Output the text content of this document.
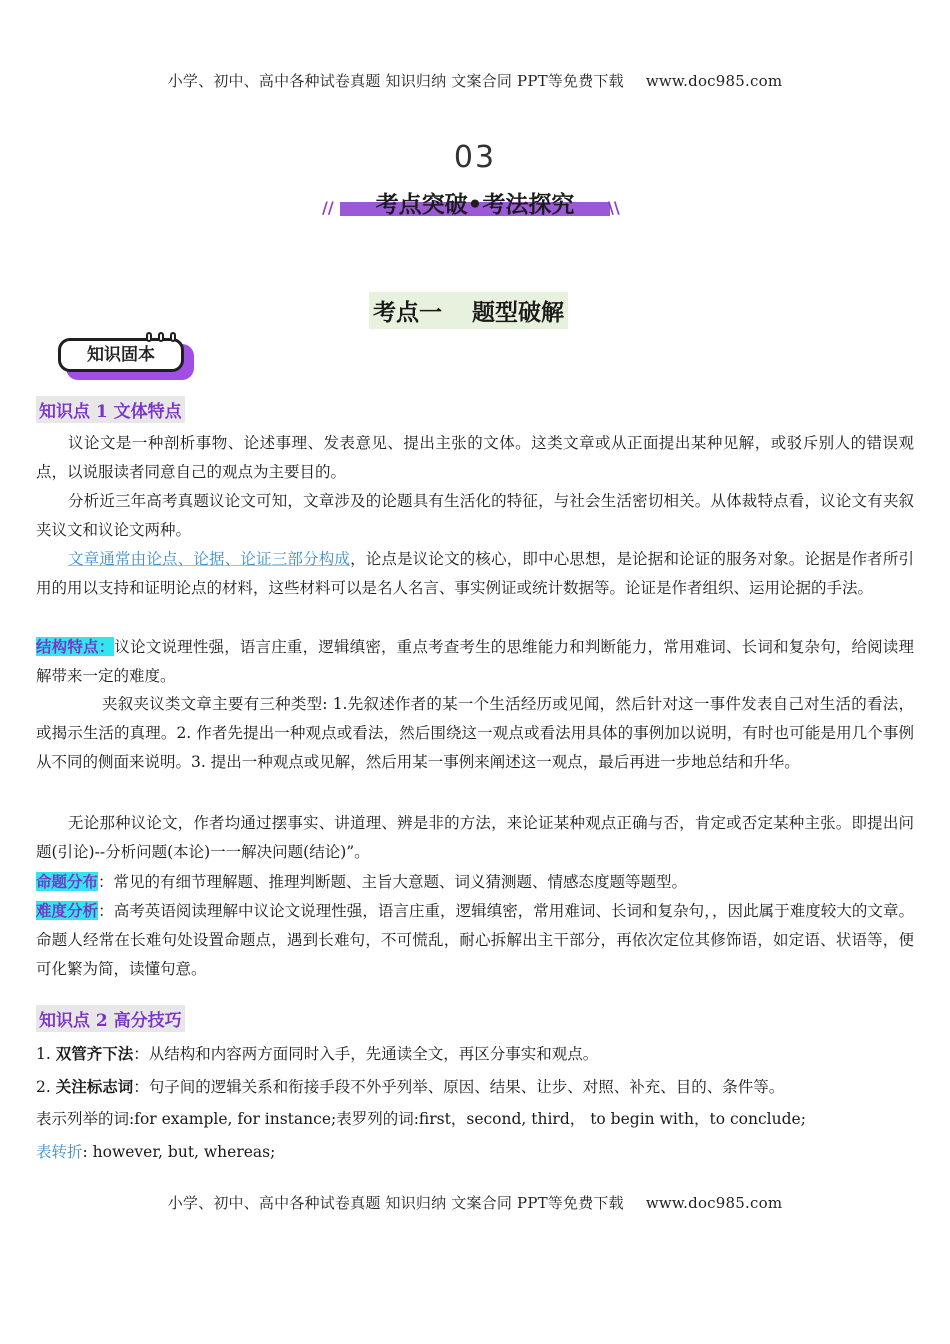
小学、初中、高中各种试卷真题 知识归纳 文案合同 PPT等免费下载 www.doc985.com
03
//	考点突破•考法探究	\\
考点一 题型破解
知识固本
知识点 1 文体特点
议论文是一种剖析事物、论述事理、发表意见、提出主张的文体。这类文章或从正面提出某种见解，或驳斥别人的错误观点，以说服读者同意自己的观点为主要目的。
分析近三年高考真题议论文可知，文章涉及的论题具有生活化的特征，与社会生活密切相关。从体裁特点看，议论文有夹叙夹议文和议论文两种。
文章通常由论点、论据、论证三部分构成，论点是议论文的核心，即中心思想，是论据和论证的服务对象。论据是作者所引用的用以支持和证明论点的材料，这些材料可以是名人名言、事实例证或统计数据等。论证是作者组织、运用论据的手法。
结构特点：议论文说理性强，语言庄重，逻辑缜密，重点考查考生的思维能力和判断能力，常用难词、长词和复杂句，给阅读理解带来一定的难度。
夹叙夹议类文章主要有三种类型: 1.先叙述作者的某一个生活经历或见闻，然后针对这一事件发表自己对生活的看法，或揭示生活的真理。2. 作者先提出一种观点或看法，然后围绕这一观点或看法用具体的事例加以说明，有时也可能是用几个事例从不同的侧面来说明。3. 提出一种观点或见解，然后用某一事例来阐述这一观点，最后再进一步地总结和升华。
无论那种议论文，作者均通过摆事实、讲道理、辨是非的方法，来论证某种观点正确与否，肯定或否定某种主张。即提出问题(引论)--分析问题(本论)一一解决问题(结论)”。
命题分布：常见的有细节理解题、推理判断题、主旨大意题、词义猜测题、情感态度题等题型。
难度分析：高考英语阅读理解中议论文说理性强，语言庄重，逻辑缜密，常用难词、长词和复杂句，，因此属于难度较大的文章。命题人经常在长难句处设置命题点，遇到长难句，不可慌乱，耐心拆解出主干部分，再依次定位其修饰语，如定语、状语等，便可化繁为简，读懂句意。
知识点 2 高分技巧
1. 双管齐下法：从结构和内容两方面同时入手，先通读全文，再区分事实和观点。
2. 关注标志词：句子间的逻辑关系和衔接手段不外乎列举、原因、结果、让步、对照、补充、目的、条件等。
表示列举的词:for example, for instance;表罗列的词:first，second, third， to begin with，to conclude;
表转折: however, but, whereas;
小学、初中、高中各种试卷真题 知识归纳 文案合同 PPT等免费下载 www.doc985.com
